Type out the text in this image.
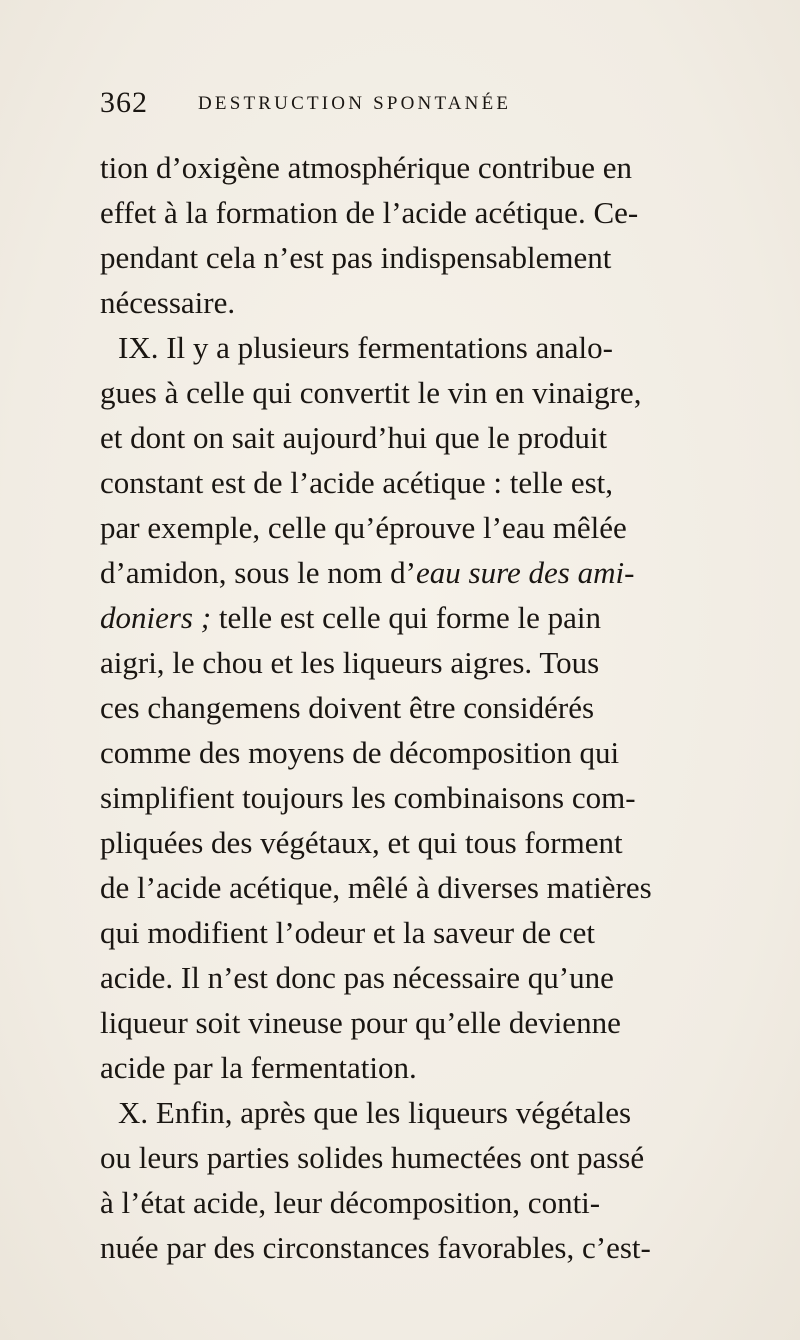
362	DESTRUCTION SPONTANÉE
tion d’oxigène atmosphérique contribue en
effet à la formation de l’acide acétique. Ce-
pendant cela n’est pas indispensablement
nécessaire.
IX. Il y a plusieurs fermentations analo-
gues à celle qui convertit le vin en vinaigre,
et dont on sait aujourd’hui que le produit
constant est de l’acide acétique : telle est,
par exemple, celle qu’éprouve l’eau mêlée
d’amidon, sous le nom d’eau sure des ami-
doniers ; telle est celle qui forme le pain
aigri, le chou et les liqueurs aigres. Tous
ces changemens doivent être considérés
comme des moyens de décomposition qui
simplifient toujours les combinaisons com-
pliquées des végétaux, et qui tous forment
de l’acide acétique, mêlé à diverses matières
qui modifient l’odeur et la saveur de cet
acide. Il n’est donc pas nécessaire qu’une
liqueur soit vineuse pour qu’elle devienne
acide par la fermentation.
X. Enfin, après que les liqueurs végétales
ou leurs parties solides humectées ont passé
à l’état acide, leur décomposition, conti-
nuée par des circonstances favorables, c’est-
